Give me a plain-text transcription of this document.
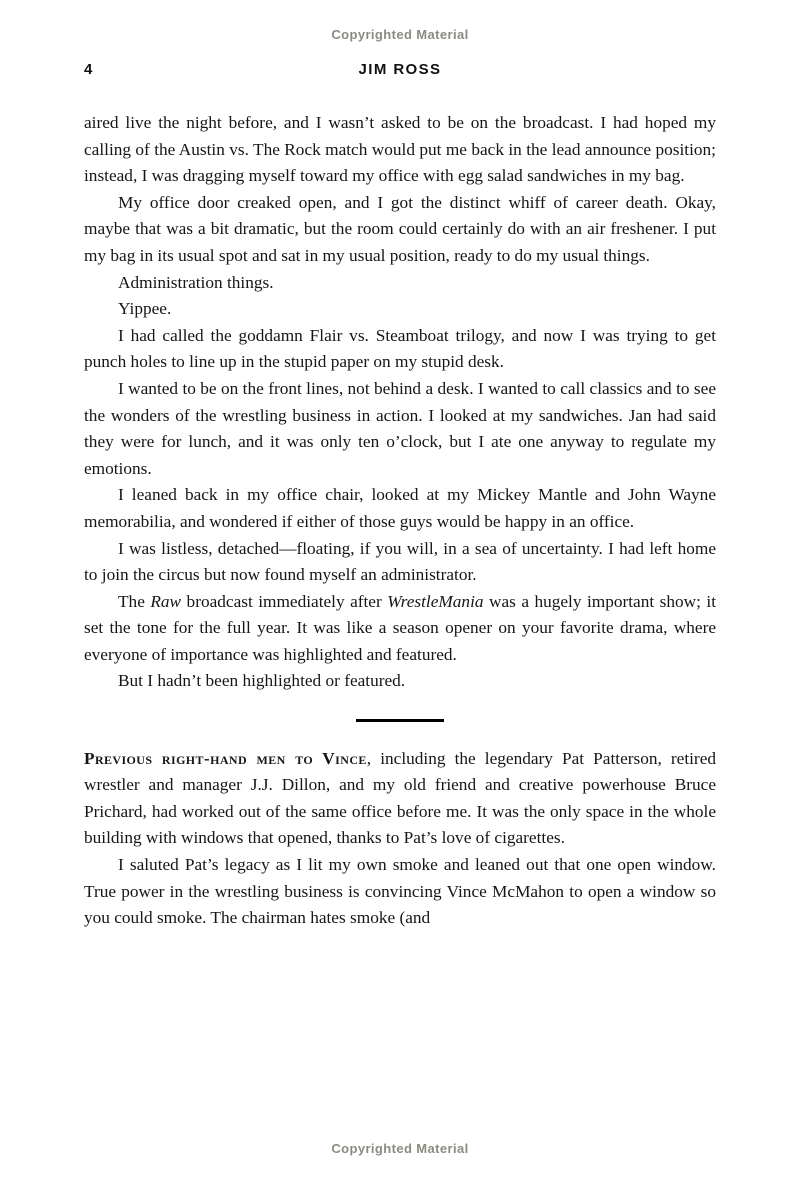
Copyrighted Material
4	JIM ROSS

aired live the night before, and I wasn’t asked to be on the broadcast. I had hoped my calling of the Austin vs. The Rock match would put me back in the lead announce position; instead, I was dragging myself toward my office with egg salad sandwiches in my bag.

My office door creaked open, and I got the distinct whiff of career death. Okay, maybe that was a bit dramatic, but the room could certainly do with an air freshener. I put my bag in its usual spot and sat in my usual position, ready to do my usual things.

Administration things.

Yippee.

I had called the goddamn Flair vs. Steamboat trilogy, and now I was trying to get punch holes to line up in the stupid paper on my stupid desk.

I wanted to be on the front lines, not behind a desk. I wanted to call classics and to see the wonders of the wrestling business in action. I looked at my sandwiches. Jan had said they were for lunch, and it was only ten o’clock, but I ate one anyway to regulate my emotions.

I leaned back in my office chair, looked at my Mickey Mantle and John Wayne memorabilia, and wondered if either of those guys would be happy in an office.

I was listless, detached—floating, if you will, in a sea of uncertainty. I had left home to join the circus but now found myself an administrator.

The Raw broadcast immediately after WrestleMania was a hugely important show; it set the tone for the full year. It was like a season opener on your favorite drama, where everyone of importance was highlighted and featured.

But I hadn’t been highlighted or featured.

Previous right-hand men to Vince, including the legendary Pat Patterson, retired wrestler and manager J.J. Dillon, and my old friend and creative powerhouse Bruce Prichard, had worked out of the same office before me. It was the only space in the whole building with windows that opened, thanks to Pat’s love of cigarettes.

I saluted Pat’s legacy as I lit my own smoke and leaned out that one open window. True power in the wrestling business is convincing Vince McMahon to open a window so you could smoke. The chairman hates smoke (and

Copyrighted Material
